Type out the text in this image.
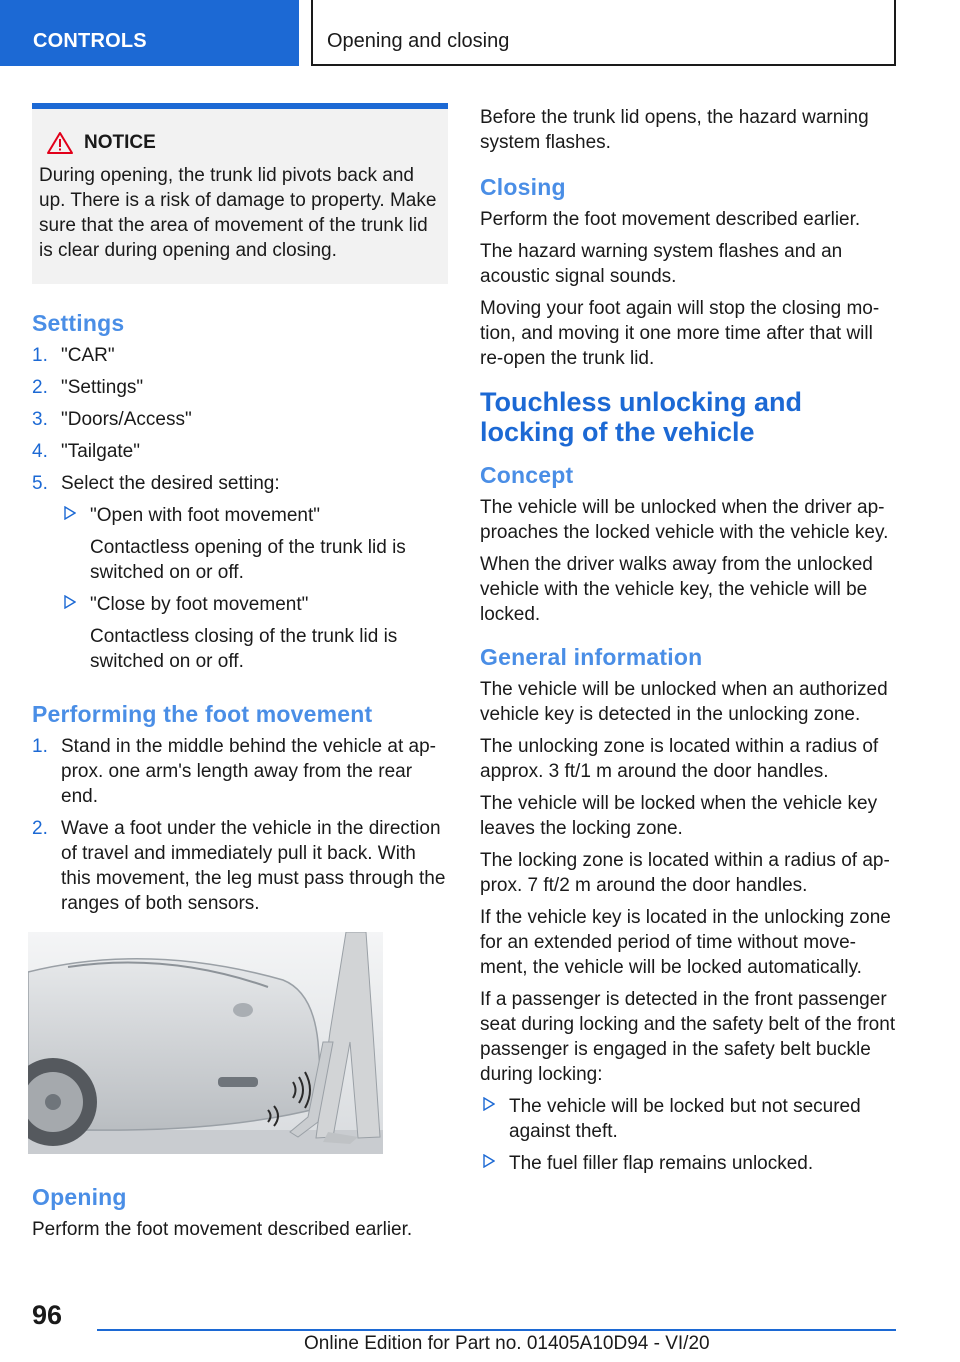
CONTROLS	Opening and closing
NOTICE
During opening, the trunk lid pivots back and up. There is a risk of damage to property. Make sure that the area of movement of the trunk lid is clear during opening and closing.
Settings
1. "CAR"
2. "Settings"
3. "Doors/Access"
4. "Tailgate"
5. Select the desired setting:
"Open with foot movement"
Contactless opening of the trunk lid is switched on or off.
"Close by foot movement"
Contactless closing of the trunk lid is switched on or off.
Performing the foot movement
1. Stand in the middle behind the vehicle at ap-prox. one arm's length away from the rear end.
2. Wave a foot under the vehicle in the direction of travel and immediately pull it back. With this movement, the leg must pass through the ranges of both sensors.
Opening

Perform the foot movement described earlier.

Before the trunk lid opens, the hazard warning system flashes.

Closing

Perform the foot movement described earlier.

The hazard warning system flashes and an acoustic signal sounds.

Moving your foot again will stop the closing mo-tion, and moving it one more time after that will re-open the trunk lid.

Touchless unlocking and locking of the vehicle
Concept

The vehicle will be unlocked when the driver ap-proaches the locked vehicle with the vehicle key.

When the driver walks away from the unlocked vehicle with the vehicle key, the vehicle will be locked.

General information

The vehicle will be unlocked when an authorized vehicle key is detected in the unlocking zone.

The unlocking zone is located within a radius of approx. 3 ft/1 m around the door handles.

The vehicle will be locked when the vehicle key leaves the locking zone.

The locking zone is located within a radius of ap-prox. 7 ft/2 m around the door handles.

If the vehicle key is located in the unlocking zone for an extended period of time without move-ment, the vehicle will be locked automatically.

If a passenger is detected in the front passenger seat during locking and the safety belt of the front passenger is engaged in the safety belt buckle during locking:

The vehicle will be locked but not secured against theft.
The fuel filler flap remains unlocked.
96
Online Edition for Part no. 01405A10D94 - VI/20
